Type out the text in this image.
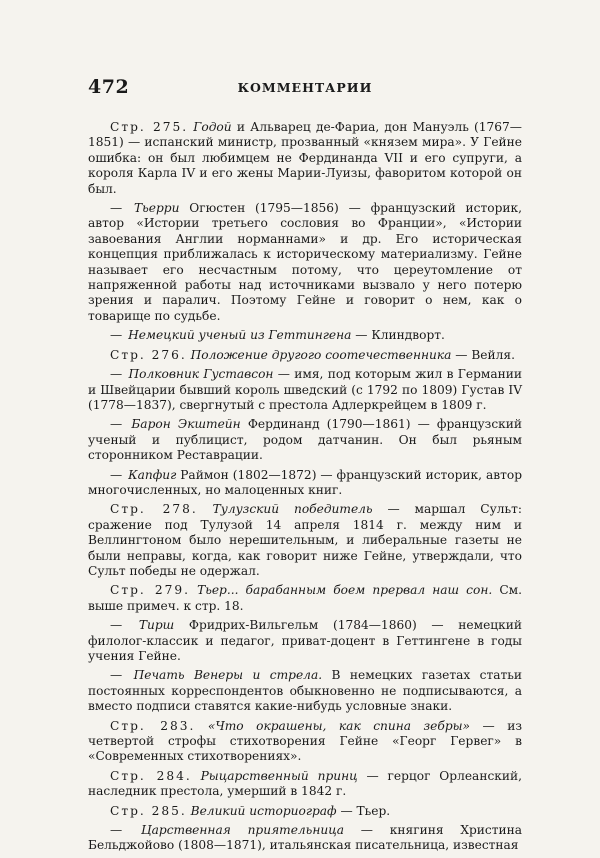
472	КОММЕНТАРИИ

Стр. 275. Годой и Альварец де-Фариа, дон Мануэль (1767—1851) — испанский министр, прозванный «князем мира». У Гейне ошибка: он был любимцем не Фердинанда VII и его супруги, а короля Карла IV и его жены Марии-Луизы, фаворитом которой он был.

— Тьерри Огюстен (1795—1856) — французский историк, автор «Истории третьего сословия во Франции», «Истории завоевания Англии норманнами» и др. Его историческая концепция приближалась к историческому материализму. Гейне называет его несчастным потому, что цереутомление от напряженной работы над источниками вызвало у него потерю зрения и паралич. Поэтому Гейне и говорит о нем, как о товарище по судьбе.

— Немецкий ученый из Геттингена — Клиндворт.

Стр. 276. Положение другого соотечественника — Вейля.

— Полковник Густавсон — имя, под которым жил в Германии и Швейцарии бывший король шведский (с 1792 по 1809) Густав IV (1778—1837), свергнутый с престола Адлеркрейцем в 1809 г.

— Барон Экштейн Фердинанд (1790—1861) — французский ученый и публицист, родом датчанин. Он был рьяным сторонником Реставрации.

— Капфиг Раймон (1802—1872) — французский историк, автор многочисленных, но малоценных книг.

Стр. 278. Тулузский победитель — маршал Сульт: сражение под Тулузой 14 апреля 1814 г. между ним и Веллингтоном было нерешительным, и либеральные газеты не были неправы, когда, как говорит ниже Гейне, утверждали, что Сульт победы не одержал.

Стр. 279. Тьер... барабанным боем прервал наш сон. См. выше примеч. к стр. 18.

— Тирш Фридрих-Вильгельм (1784—1860) — немецкий филолог-классик и педагог, приват-доцент в Геттингене в годы учения Гейне.

— Печать Венеры и стрела. В немецких газетах статьи постоянных корреспондентов обыкновенно не подписываются, а вместо подписи ставятся какие-нибудь условные знаки.

Стр. 283. «Что окрашены, как спина зебры» — из четвертой строфы стихотворения Гейне «Георг Гервег» в «Современных стихотворениях».

Стр. 284. Рыцарственный принц — герцог Орлеанский, наследник престола, умерший в 1842 г.

Стр. 285. Великий историограф — Тьер.

— Царственная приятельница — княгиня Христина Бельджойово (1808—1871), итальянская писательница, известная
